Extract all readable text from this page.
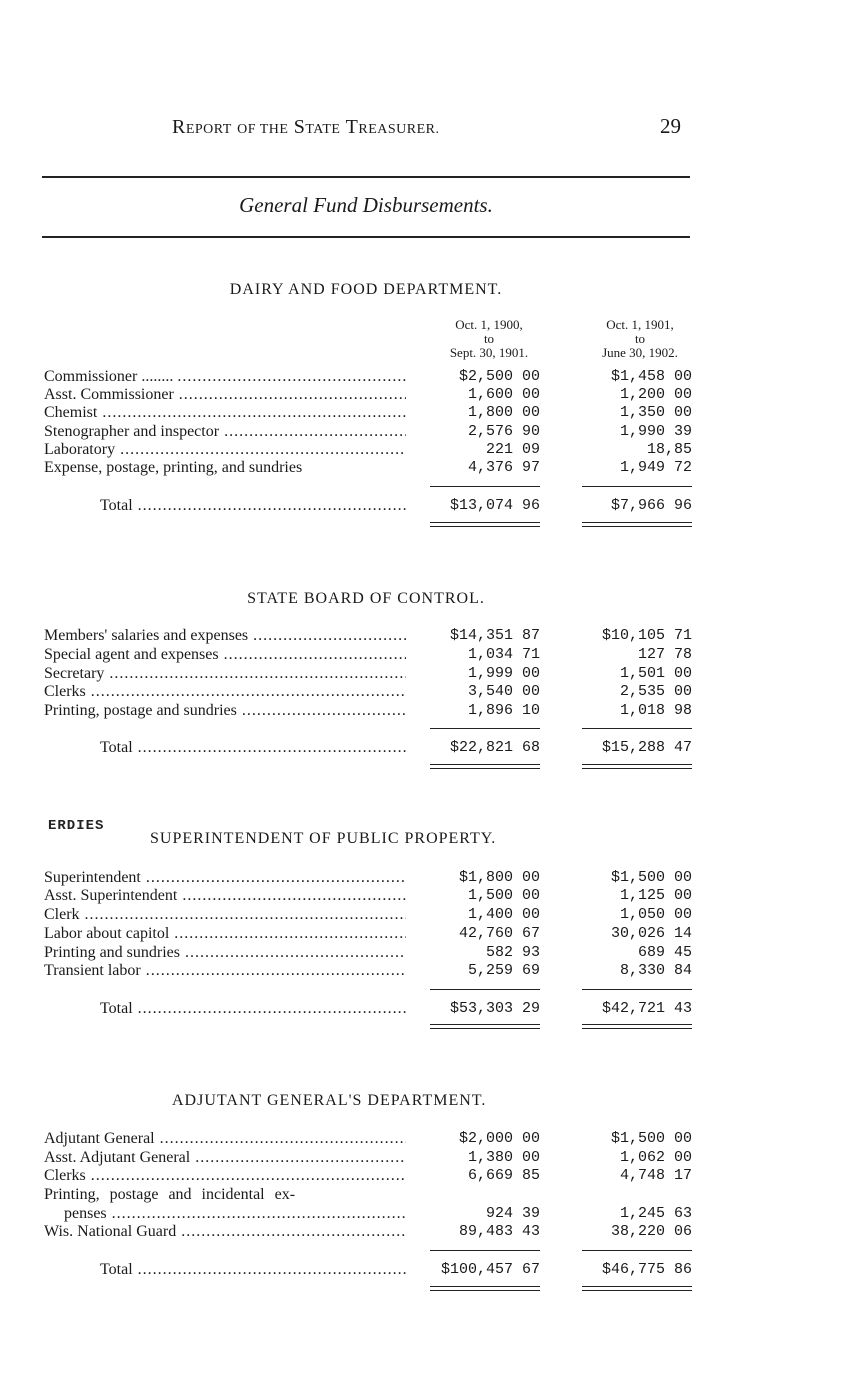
REPORT OF THE STATE TREASURER.	29
General Fund Disbursements.
DAIRY AND FOOD DEPARTMENT.
Oct. 1, 1900,
to
Sept. 30, 1901.
Oct. 1, 1901,
to
June 30, 1902.
Commissioner ........ .....	$2,500 00	$1,458 00
Asst. Commissioner .....	1,600 00	1,200 00
Chemist .....	1,800 00	1,350 00
Stenographer and inspector .....	2,576 90	1,990 39
Laboratory .....	221 09	18,85
Expense, postage, printing, and sundries	4,376 97	1,949 72
Total .....	$13,074 96	$7,966 96
STATE BOARD OF CONTROL.
Members' salaries and expenses .....	$14,351 87	$10,105 71
Special agent and expenses .....	1,034 71	127 78
Secretary .....	1,999 00	1,501 00
Clerks .....	3,540 00	2,535 00
Printing, postage and sundries .....	1,896 10	1,018 98
Total .....	$22,821 68	$15,288 47
ERDIES
SUPERINTENDENT OF PUBLIC PROPERTY.
Superintendent .....	$1,800 00	$1,500 00
Asst. Superintendent .....	1,500 00	1,125 00
Clerk .....	1,400 00	1,050 00
Labor about capitol .....	42,760 67	30,026 14
Printing and sundries .....	582 93	689 45
Transient labor .....	5,259 69	8,330 84
Total .....	$53,303 29	$42,721 43
ADJUTANT GENERAL'S DEPARTMENT.
Adjutant General .....	$2,000 00	$1,500 00
Asst. Adjutant General .....	1,380 00	1,062 00
Clerks .....	6,669 85	4,748 17
Printing, postage and incidental ex-
penses .....	924 39	1,245 63
Wis. National Guard .....	89,483 43	38,220 06
Total .....	$100,457 67	$46,775 86
